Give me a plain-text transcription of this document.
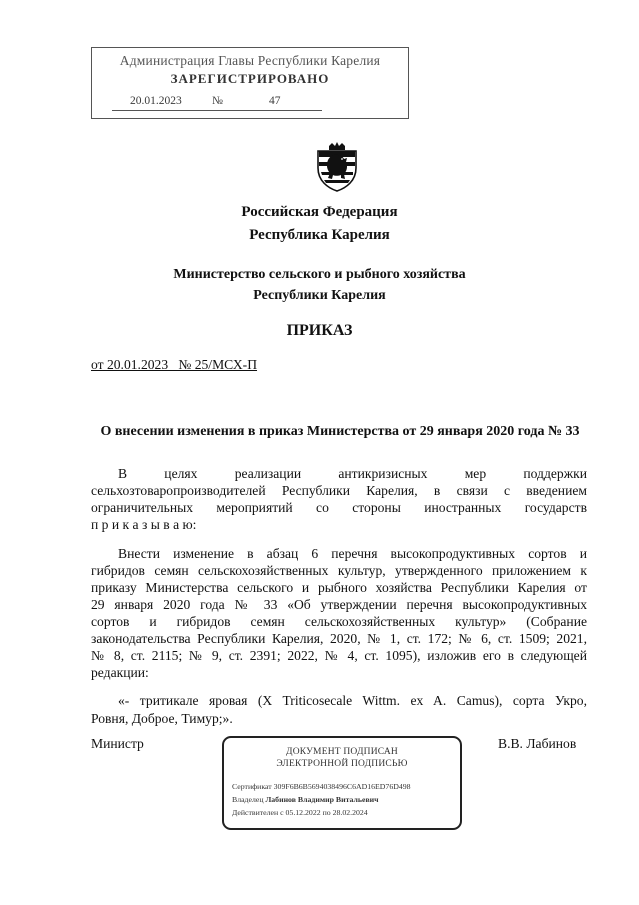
Администрация Главы Республики Карелия
ЗАРЕГИСТРИРОВАНО
20.01.2023	№	47
Российская Федерация
Республика Карелия
Министерство сельского и рыбного хозяйства
Республики Карелия
ПРИКАЗ
от 20.01.2023   № 25/МСХ-П
О внесении изменения в приказ Министерства от 29 января 2020 года № 33
В целях реализации антикризисных мер поддержки
сельхозтоваропроизводителей Республики Карелия, в связи с введением
ограничительных мероприятий со стороны иностранных государств
п р и к а з ы в а ю:
Внести изменение в абзац 6 перечня высокопродуктивных сортов и
гибридов семян сельскохозяйственных культур, утвержденного приложением к
приказу Министерства сельского и рыбного хозяйства Республики Карелия от
29 января 2020 года № 33 «Об утверждении перечня высокопродуктивных
сортов и гибридов семян сельскохозяйственных культур» (Собрание
законодательства Республики Карелия, 2020, № 1, ст. 172; № 6, ст. 1509; 2021,
№ 8, ст. 2115; № 9, ст. 2391; 2022, № 4, ст. 1095), изложив его в следующей
редакции:
«- тритикале яровая (X Triticosecale Wittm. ex A. Camus), сорта Укро,
Ровня, Доброе, Тимур;».
Министр	В.В. Лабинов
ДОКУМЕНТ ПОДПИСАН
ЭЛЕКТРОННОЙ ПОДПИСЬЮ
Сертификат 309F6B6B5694038496C6AD16ED76D498
Владелец Лабинов Владимир Витальевич
Действителен с 05.12.2022 по 28.02.2024
